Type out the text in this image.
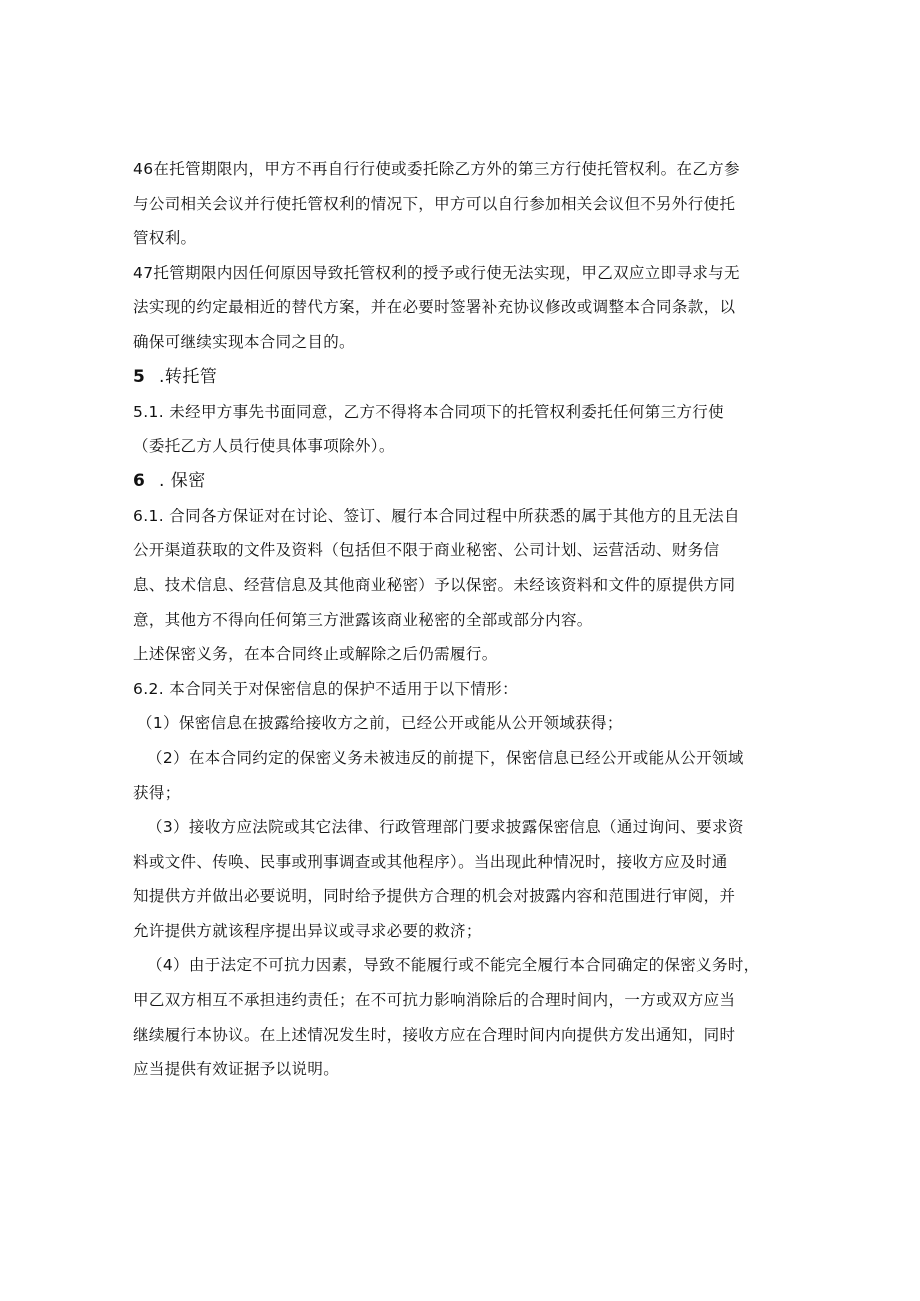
46在托管期限内，甲方不再自行行使或委托除乙方外的第三方行使托管权利。在乙方参
与公司相关会议并行使托管权利的情况下，甲方可以自行参加相关会议但不另外行使托
管权利。

47托管期限内因任何原因导致托管权利的授予或行使无法实现，甲乙双应立即寻求与无
法实现的约定最相近的替代方案，并在必要时签署补充协议修改或调整本合同条款，以
确保可继续实现本合同之目的。

5 .转托管

5.1. 未经甲方事先书面同意，乙方不得将本合同项下的托管权利委托任何第三方行使
（委托乙方人员行使具体事项除外）。

6 . 保密

6.1. 合同各方保证对在讨论、签订、履行本合同过程中所获悉的属于其他方的且无法自
公开渠道获取的文件及资料（包括但不限于商业秘密、公司计划、运营活动、财务信
息、技术信息、经营信息及其他商业秘密）予以保密。未经该资料和文件的原提供方同
意，其他方不得向任何第三方泄露该商业秘密的全部或部分内容。

上述保密义务，在本合同终止或解除之后仍需履行。

6.2. 本合同关于对保密信息的保护不适用于以下情形：

（1）保密信息在披露给接收方之前，已经公开或能从公开领域获得；

（2）在本合同约定的保密义务未被违反的前提下，保密信息已经公开或能从公开领域
获得；

（3）接收方应法院或其它法律、行政管理部门要求披露保密信息（通过询问、要求资
料或文件、传唤、民事或刑事调查或其他程序）。当出现此种情况时，接收方应及时通
知提供方并做出必要说明，同时给予提供方合理的机会对披露内容和范围进行审阅，并
允许提供方就该程序提出异议或寻求必要的救济；

（4）由于法定不可抗力因素，导致不能履行或不能完全履行本合同确定的保密义务时，
甲乙双方相互不承担违约责任；在不可抗力影响消除后的合理时间内，一方或双方应当
继续履行本协议。在上述情况发生时，接收方应在合理时间内向提供方发出通知，同时
应当提供有效证据予以说明。
